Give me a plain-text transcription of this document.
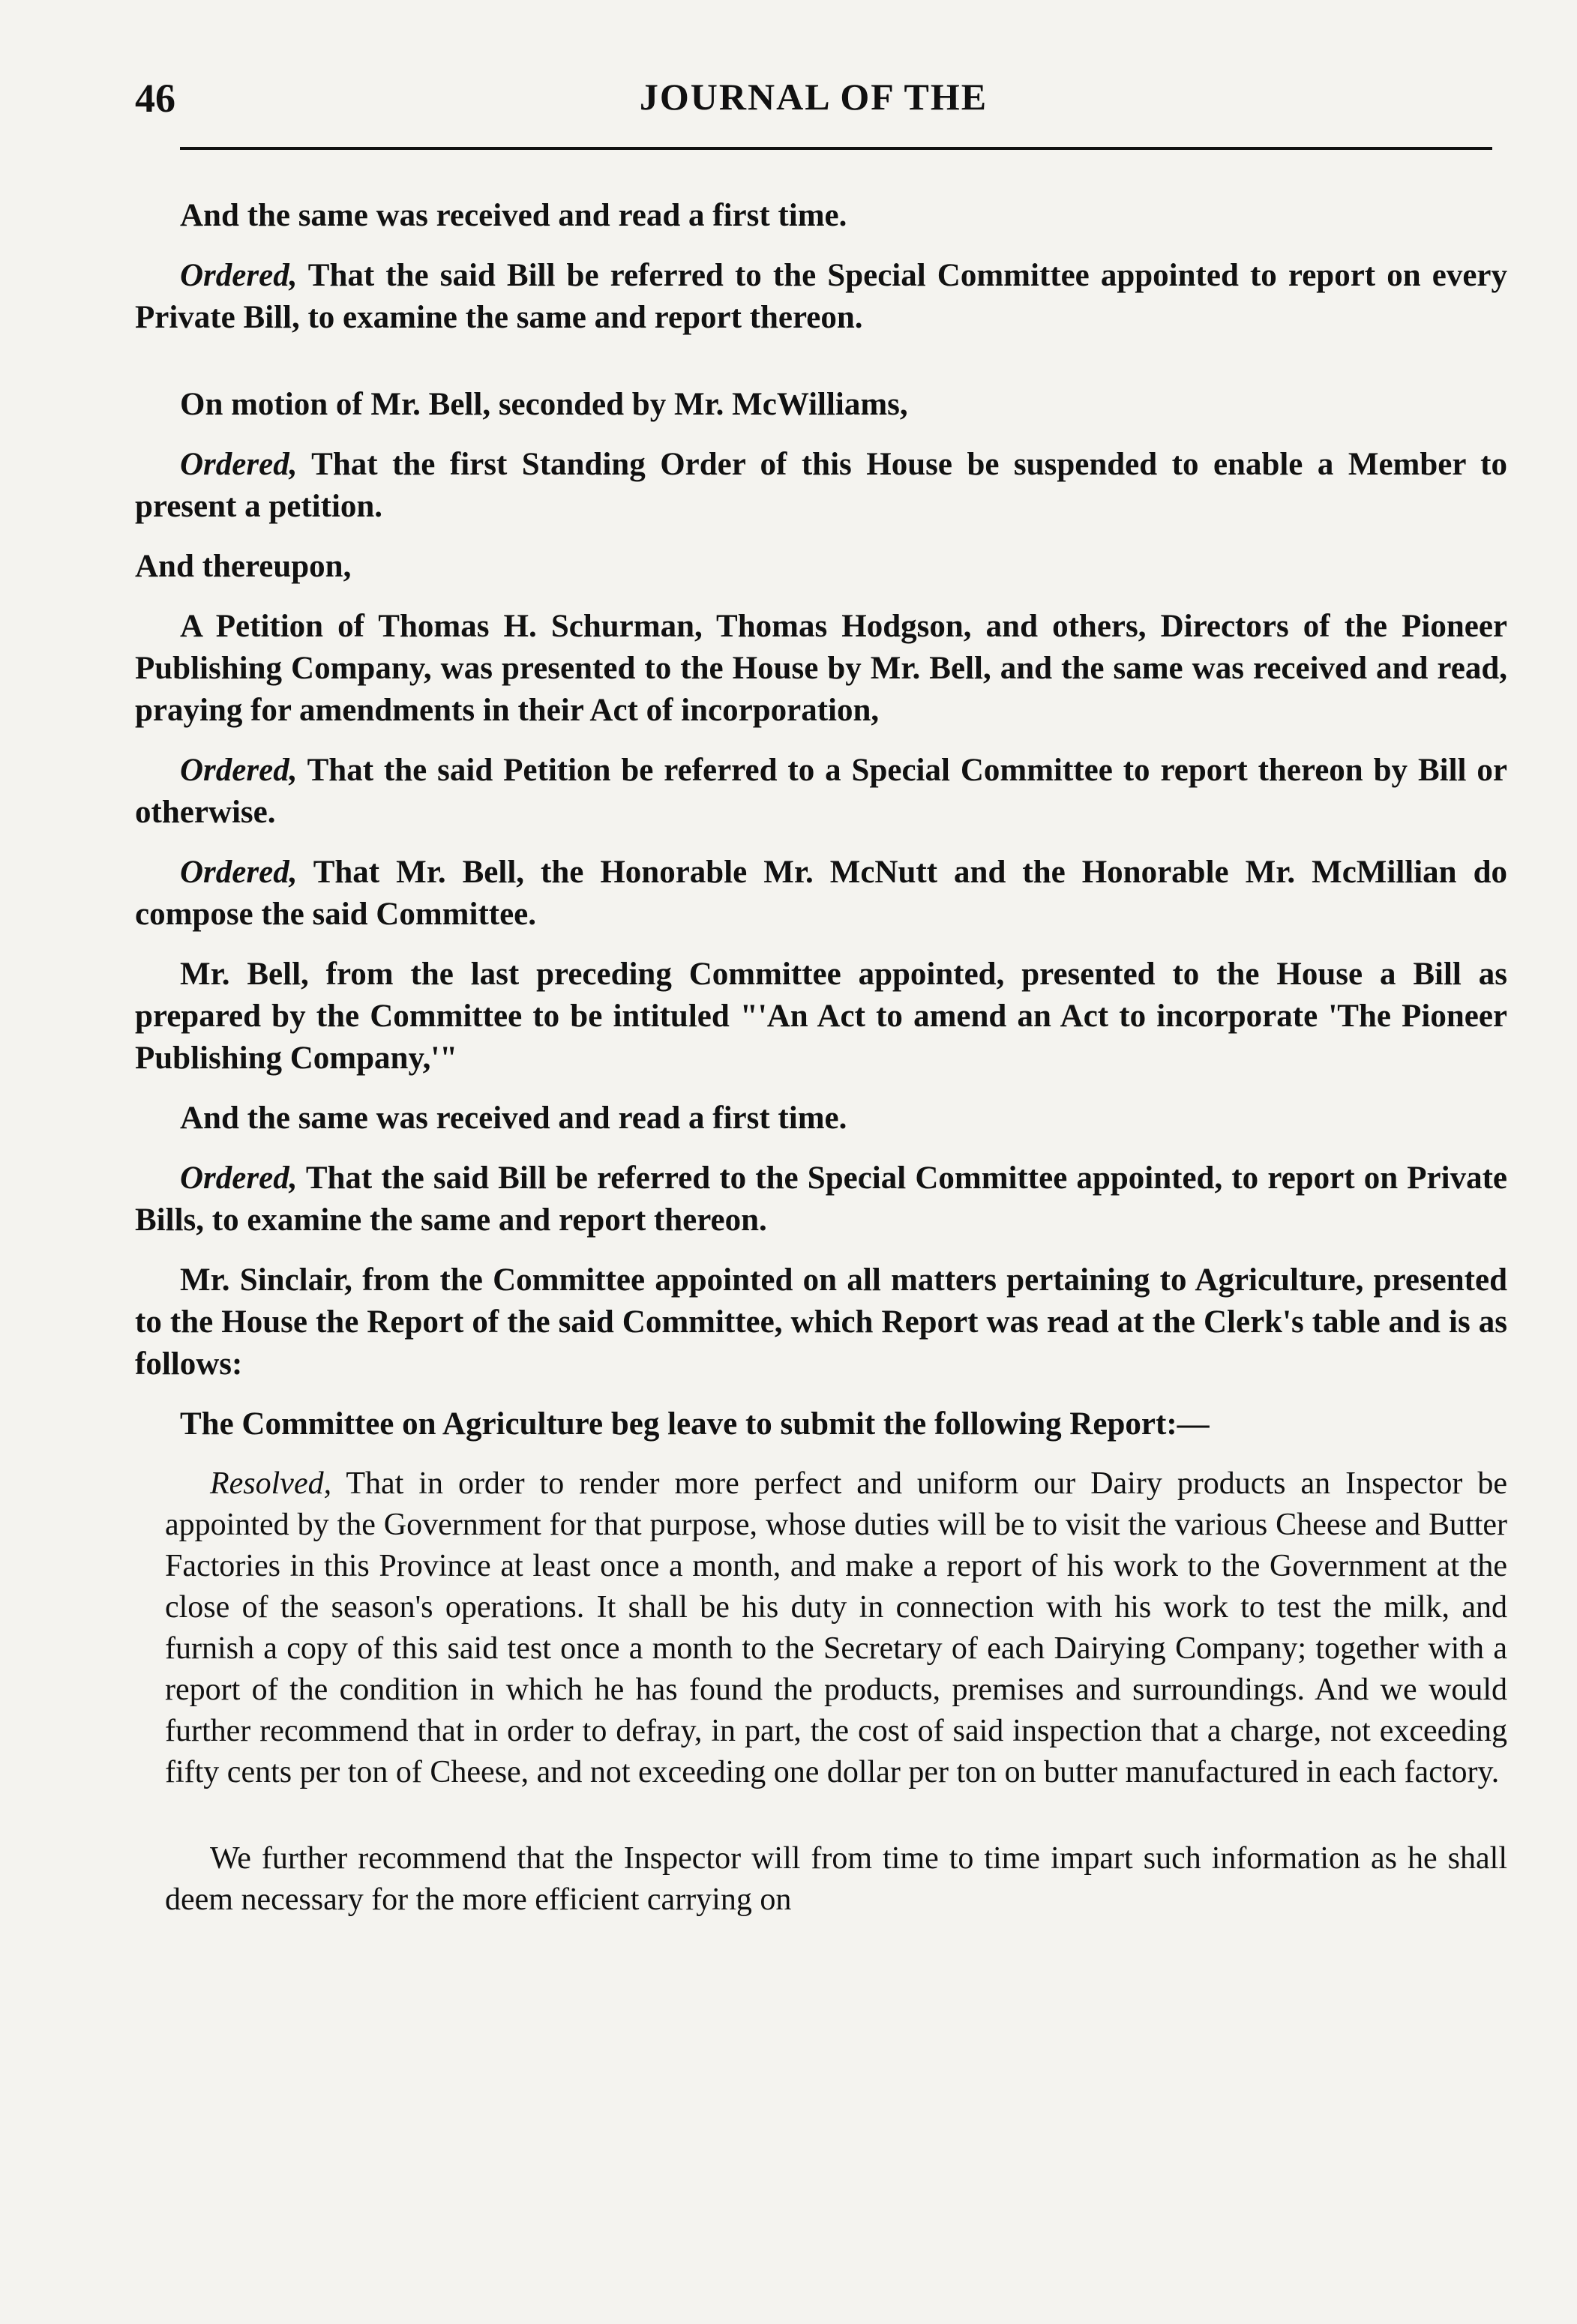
46	JOURNAL OF THE

And the same was received and read a first time.

Ordered, That the said Bill be referred to the Special Committee appointed to report on every Private Bill, to examine the same and report thereon.

On motion of Mr. Bell, seconded by Mr. McWilliams,

Ordered, That the first Standing Order of this House be suspended to enable a Member to present a petition.

And thereupon,

A Petition of Thomas H. Schurman, Thomas Hodgson, and others, Directors of the Pioneer Publishing Company, was presented to the House by Mr. Bell, and the same was received and read, praying for amendments in their Act of incorporation,

Ordered, That the said Petition be referred to a Special Committee to report thereon by Bill or otherwise.

Ordered, That Mr. Bell, the Honorable Mr. McNutt and the Honorable Mr. McMillian do compose the said Committee.

Mr. Bell, from the last preceding Committee appointed, presented to the House a Bill as prepared by the Committee to be intituled "'An Act to amend an Act to incorporate 'The Pioneer Publishing Company,'"

And the same was received and read a first time.

Ordered, That the said Bill be referred to the Special Committee appointed, to report on Private Bills, to examine the same and report thereon.

Mr. Sinclair, from the Committee appointed on all matters pertaining to Agriculture, presented to the House the Report of the said Committee, which Report was read at the Clerk's table and is as follows:

The Committee on Agriculture beg leave to submit the following Report:—

Resolved, That in order to render more perfect and uniform our Dairy products an Inspector be appointed by the Government for that purpose, whose duties will be to visit the various Cheese and Butter Factories in this Province at least once a month, and make a report of his work to the Government at the close of the season's operations. It shall be his duty in connection with his work to test the milk, and furnish a copy of this said test once a month to the Secretary of each Dairying Company; together with a report of the condition in which he has found the products, premises and surroundings. And we would further recommend that in order to defray, in part, the cost of said inspection that a charge, not exceeding fifty cents per ton of Cheese, and not exceeding one dollar per ton on butter manufactured in each factory.

We further recommend that the Inspector will from time to time impart such information as he shall deem necessary for the more efficient carrying on
